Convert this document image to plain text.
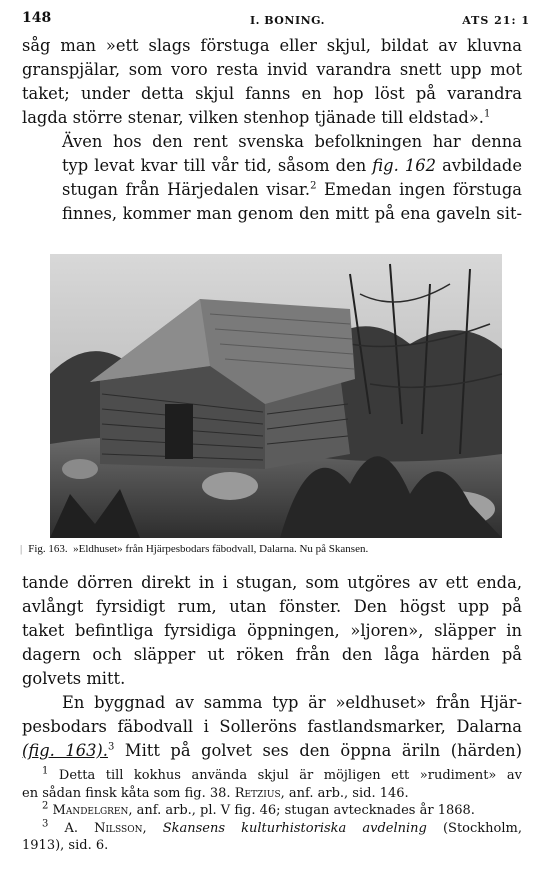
148	I. BONING.	ATS 21: 1

såg man »ett slags förstuga eller skjul, bildat av kluvna
granspjälar, som voro resta invid varandra snett upp mot
taket; under detta skjul fanns en hop löst på varandra
lagda större stenar, vilken stenhop tjänade till eldstad».$^1$

Även hos den rent svenska befolkningen har denna
typ levat kvar till vår tid, såsom den fig. 162 avbildade
stugan från Härjedalen visar.$^2$ Emedan ingen förstuga
finnes, kommer man genom den mitt på ena gaveln sit-

| Fig. 163. »Eldhuset» från Hjärpesbodars fäbodvall, Dalarna. Nu på Skansen.

tande dörren direkt in i stugan, som utgöres av ett enda,
avlångt fyrsidigt rum, utan fönster. Den högst upp på
taket befintliga fyrsidiga öppningen, »ljoren», släpper in
dagern och släpper ut röken från den låga härden på
golvets mitt.

En byggnad av samma typ är »eldhuset» från Hjär-
pesbodars fäbodvall i Solleröns fastlandsmarker, Dalarna
(fig. 163).$^3$ Mitt på golvet ses den öppna äriln (härden)

$^1$ Detta till kokhus använda skjul är möjligen ett »rudiment» av
en sådan finsk kåta som fig. 38. Retzius, anf. arb., sid. 146.

$^2$ Mandelgren, anf. arb., pl. V fig. 46; stugan avtecknades år 1868.

$^3$ A. Nilsson, Skansens kulturhistoriska avdelning (Stockholm,
1913), sid. 6.
